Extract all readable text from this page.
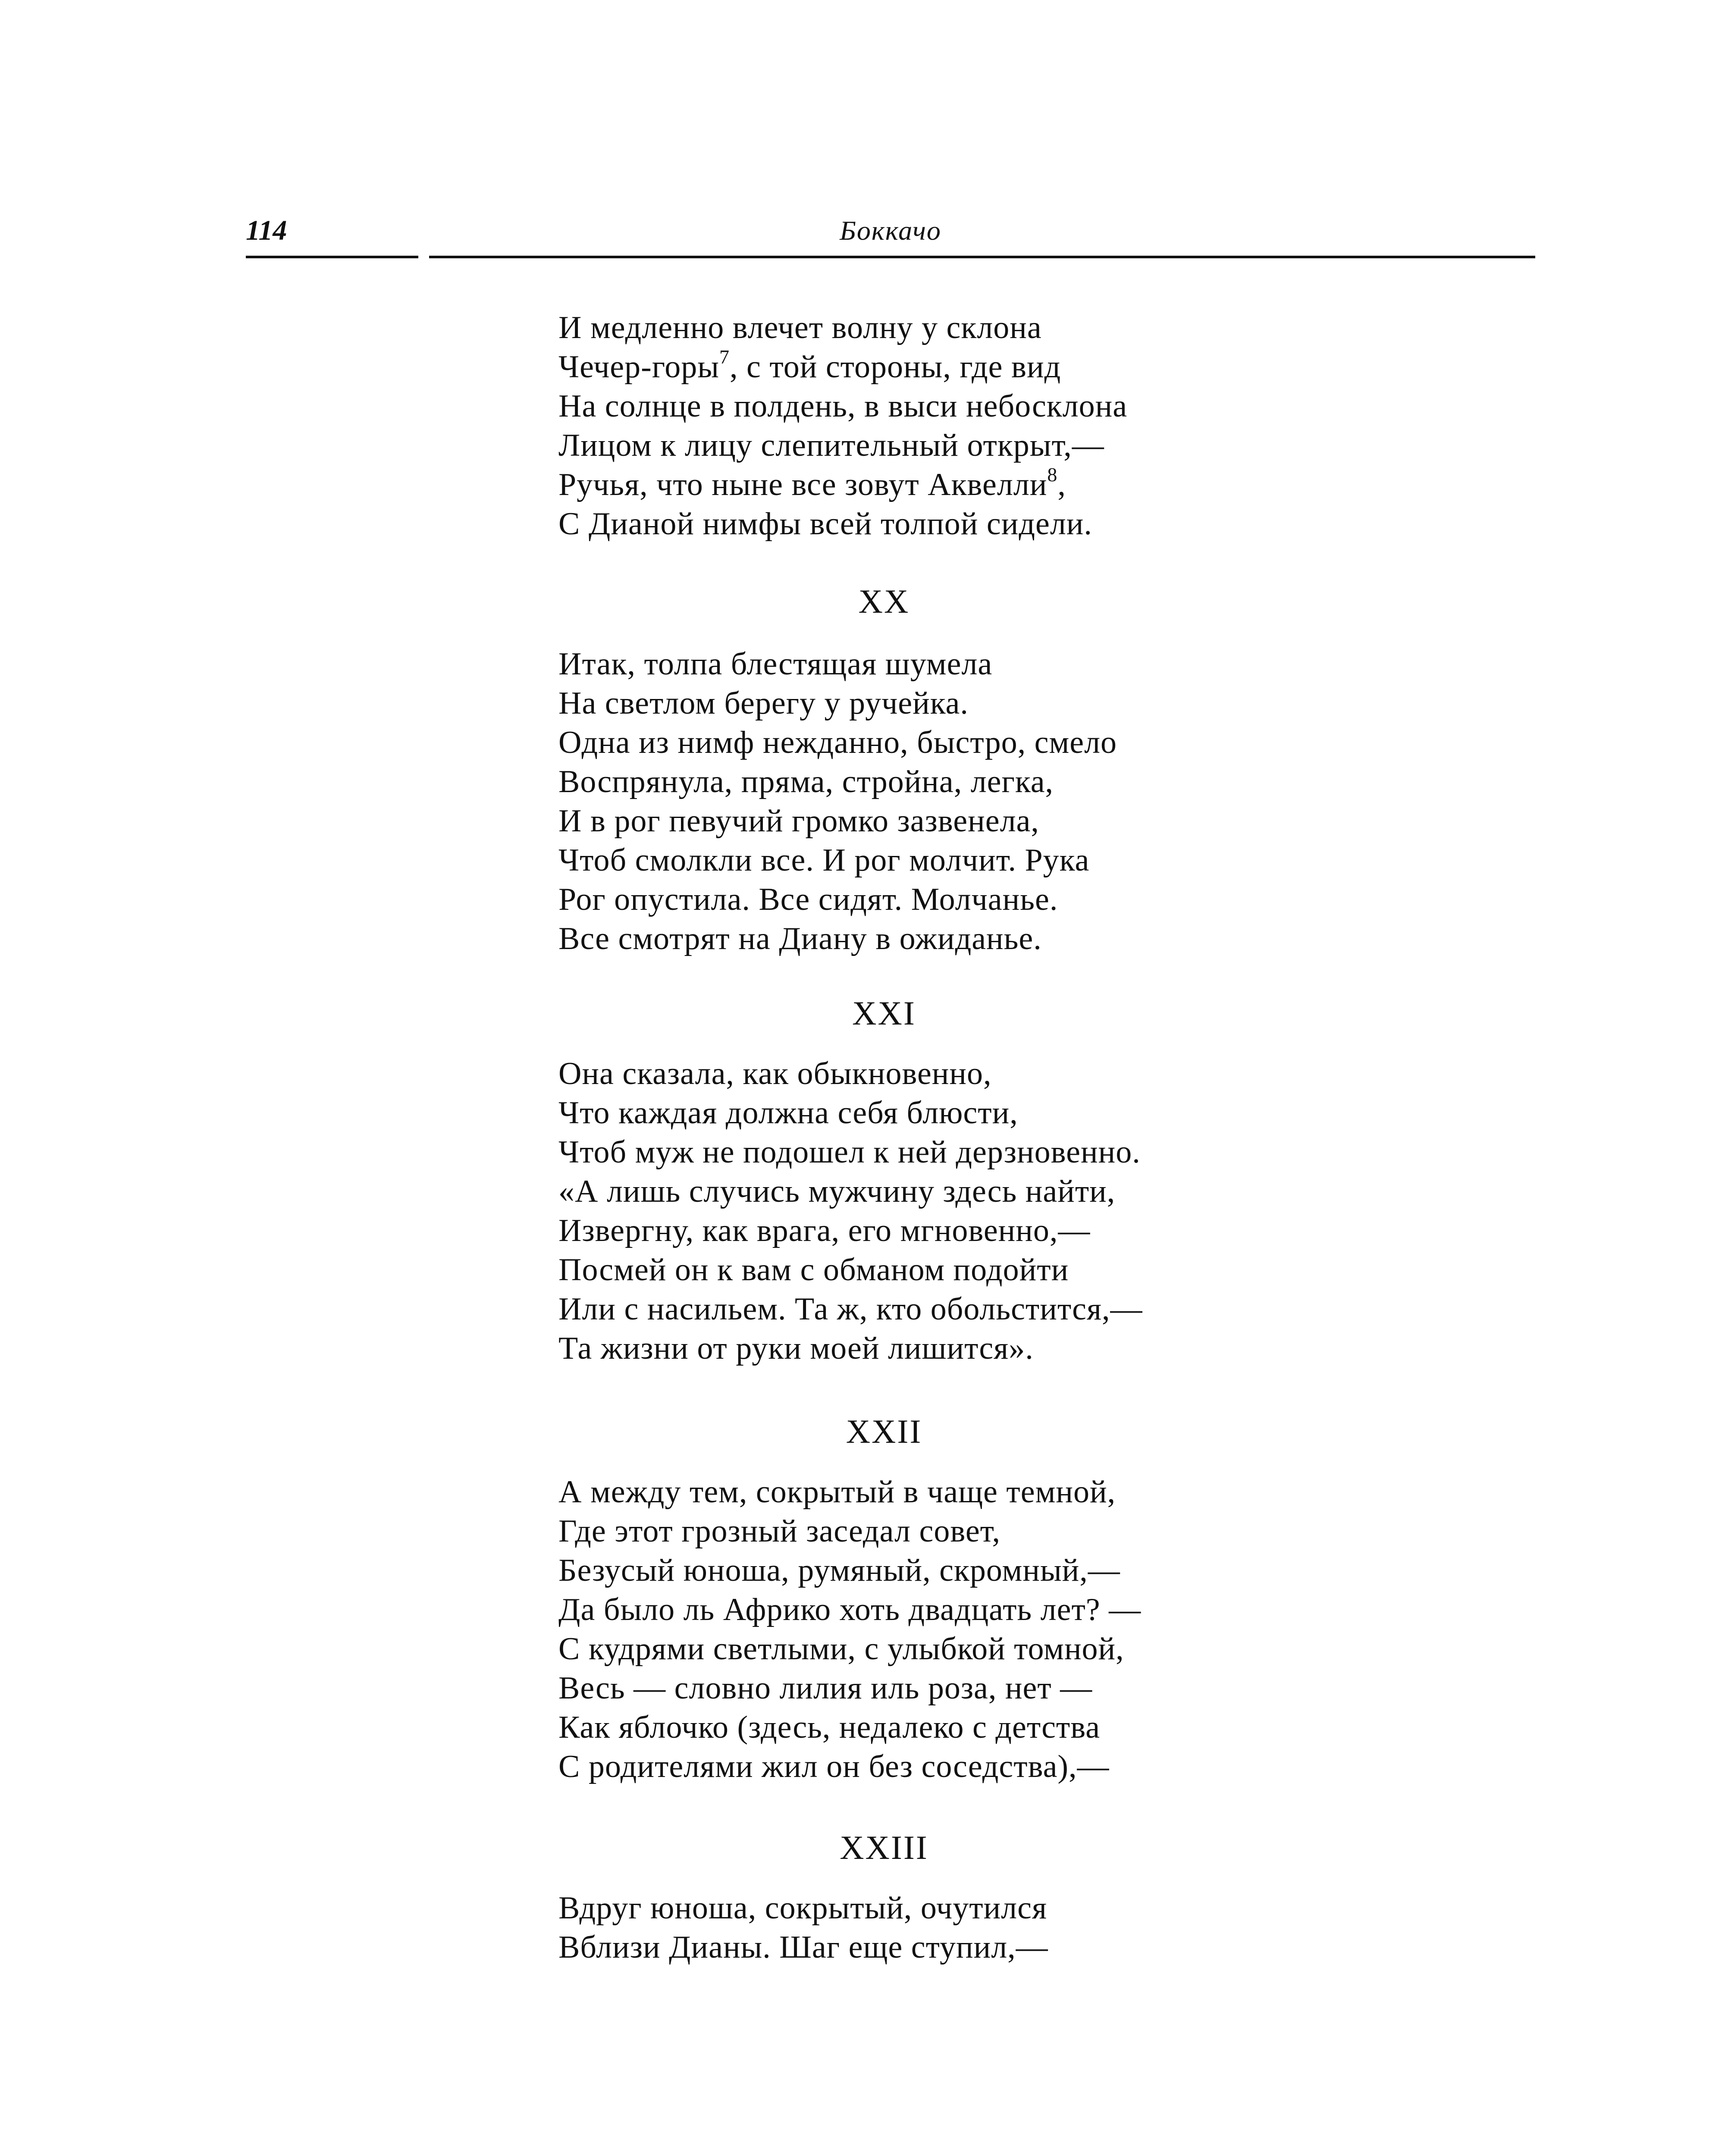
114	Боккачо
И медленно влечет волну у склона
Чечер-горы$^7$, с той стороны, где вид
На солнце в полдень, в выси небосклона
Лицом к лицу слепительный открыт,—
Ручья, что ныне все зовут Аквелли$^8$,
С Дианой нимфы всей толпой сидели.
XX
Итак, толпа блестящая шумела
На светлом берегу у ручейка.
Одна из нимф нежданно, быстро, смело
Воспрянула, пряма, стройна, легка,
И в рог певучий громко зазвенела,
Чтоб смолкли все. И рог молчит. Рука
Рог опустила. Все сидят. Молчанье.
Все смотрят на Диану в ожиданье.
XXI
Она сказала, как обыкновенно,
Что каждая должна себя блюсти,
Чтоб муж не подошел к ней дерзновенно.
«А лишь случись мужчину здесь найти,
Извергну, как врага, его мгновенно,—
Посмей он к вам с обманом подойти
Или с насильем. Та ж, кто обольстится,—
Та жизни от руки моей лишится».
XXII
А между тем, сокрытый в чаще темной,
Где этот грозный заседал совет,
Безусый юноша, румяный, скромный,—
Да было ль Африко хоть двадцать лет? —
С кудрями светлыми, с улыбкой томной,
Весь — словно лилия иль роза, нет —
Как яблочко (здесь, недалеко с детства
С родителями жил он без соседства),—
XXIII
Вдруг юноша, сокрытый, очутился
Вблизи Дианы. Шаг еще ступил,—
